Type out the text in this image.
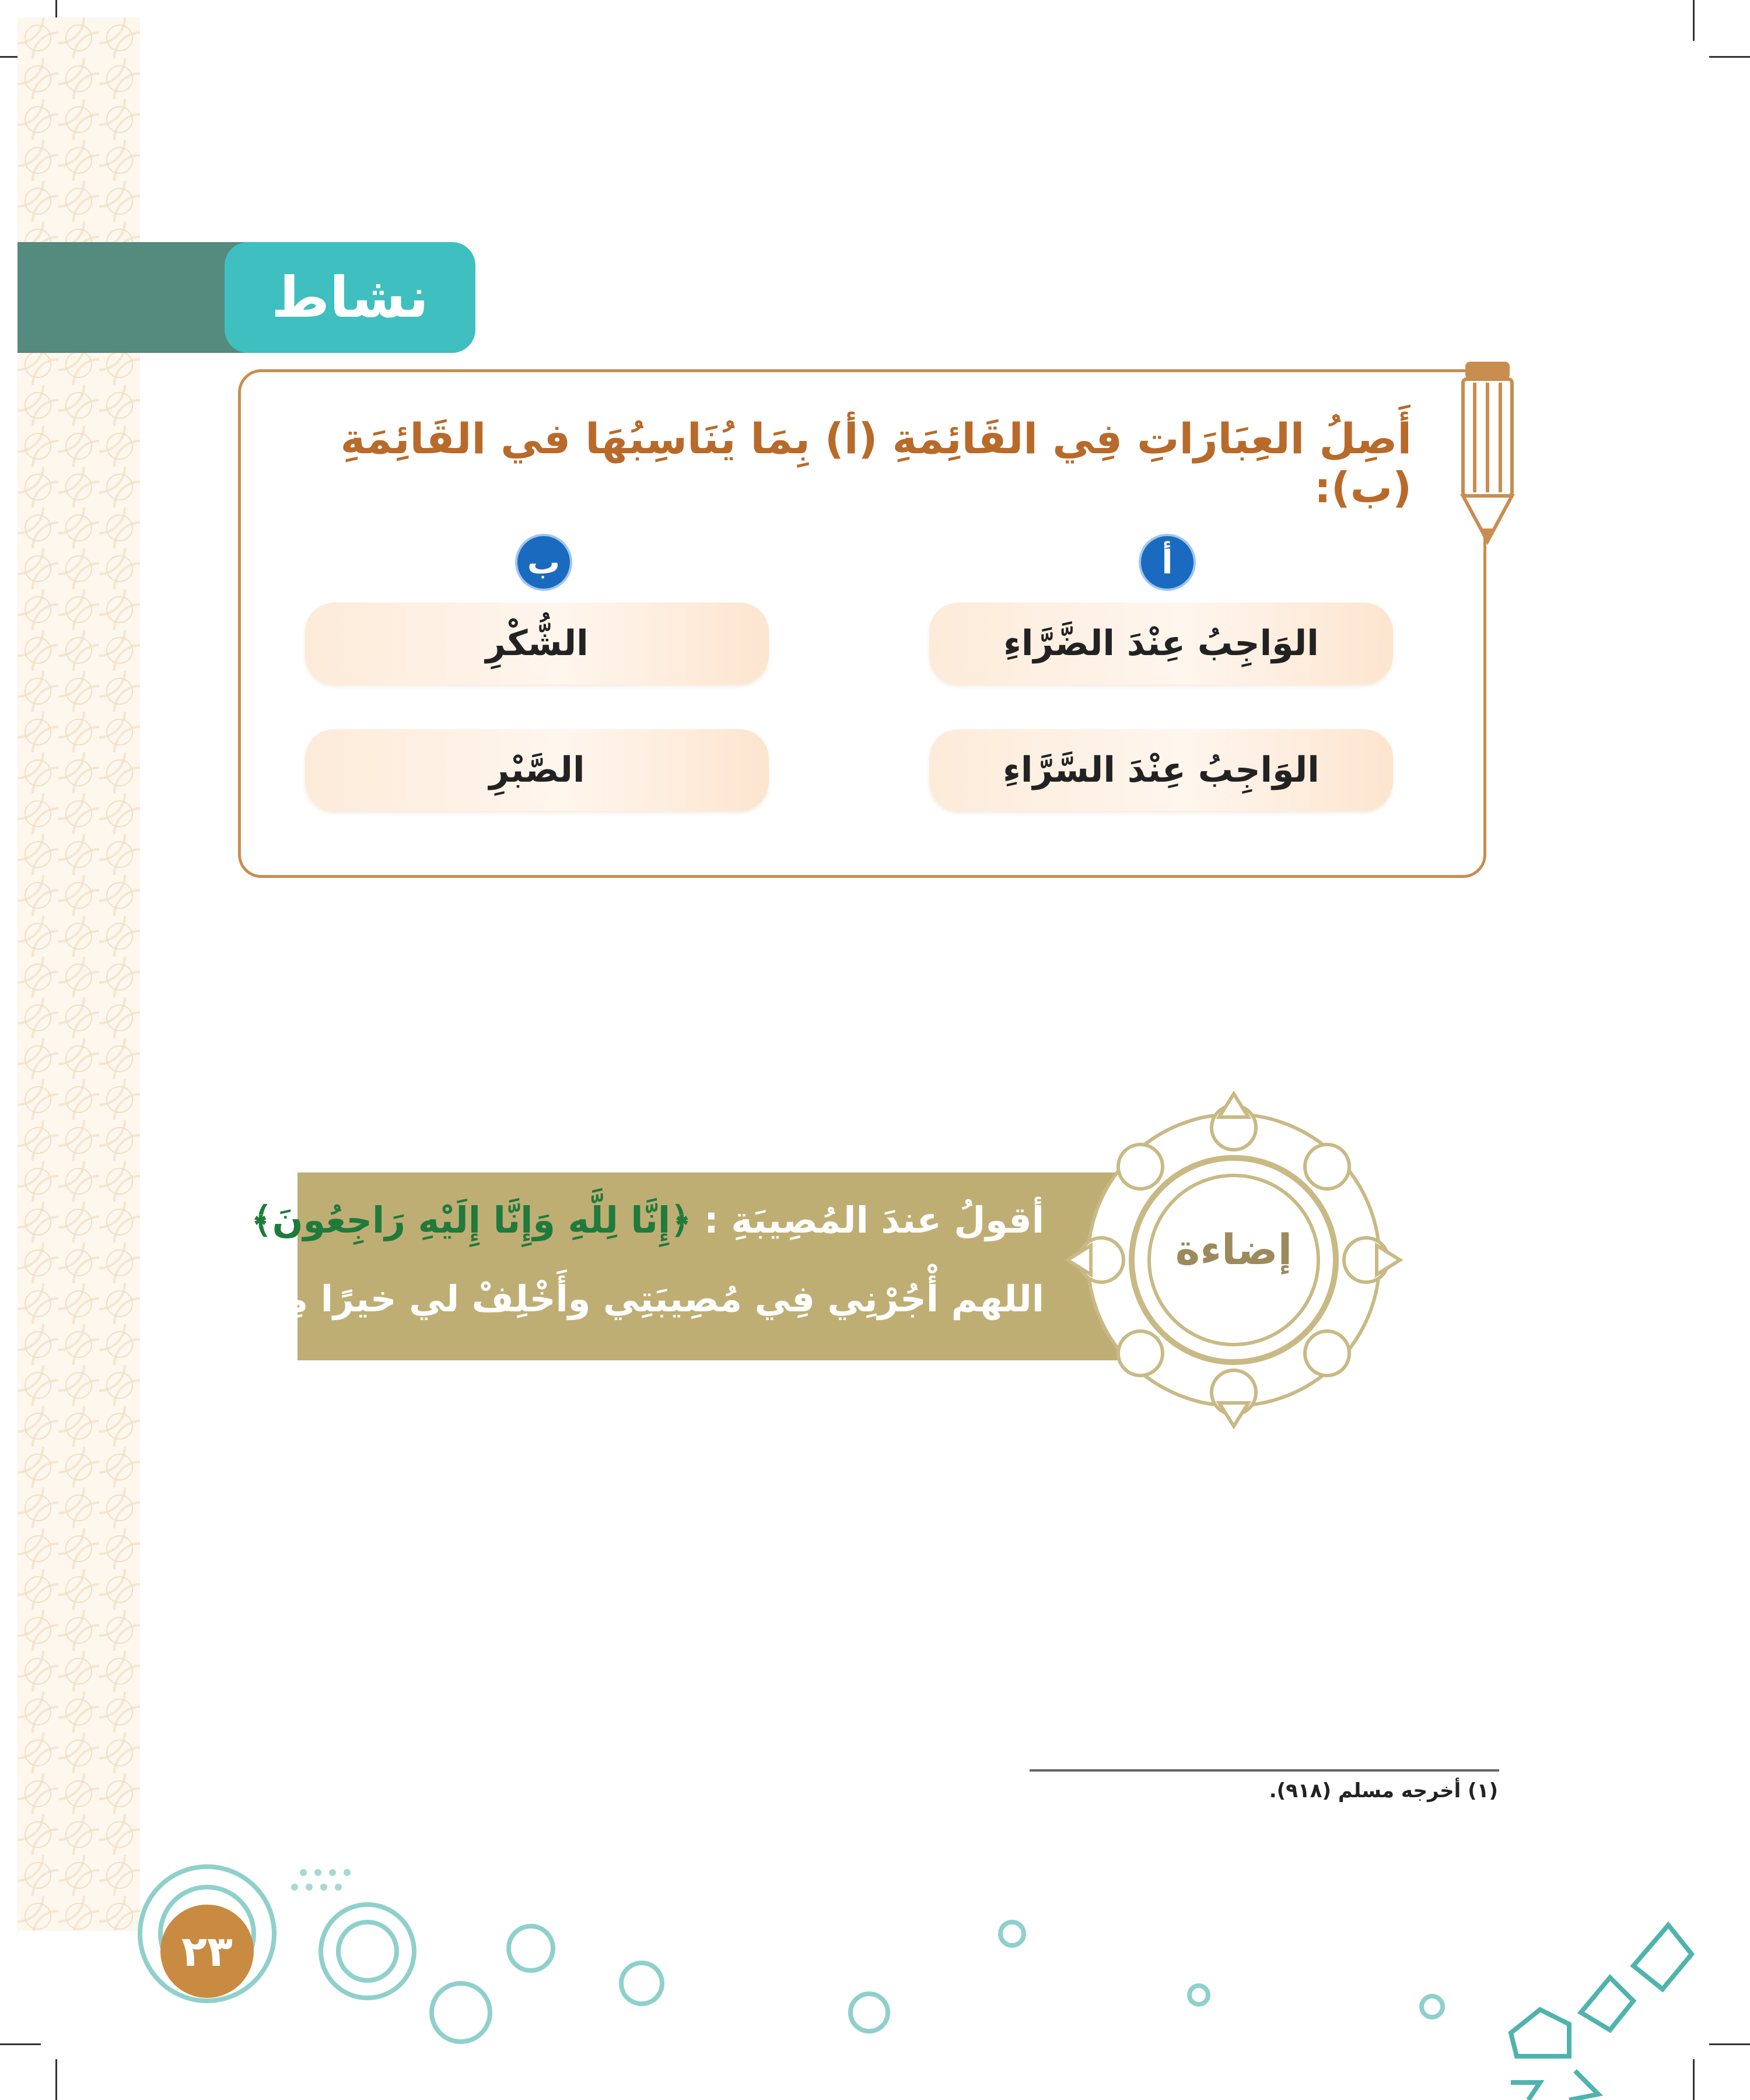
نشاط
أَصِلُ العِبَارَاتِ فِي القَائِمَةِ (أ) بِمَا يُنَاسِبُهَا في القَائِمَةِ (ب):
أ
ب
الوَاجِبُ عِنْدَ الضَّرَّاءِ
الوَاجِبُ عِنْدَ السَّرَّاءِ
الشُّكْرِ
الصَّبْرِ
أقولُ عندَ المُصِيبَةِ : ﴿إِنَّا لِلَّهِ وَإِنَّا إِلَيْهِ رَاجِعُونَ﴾
اللهم أْجُرْنِي فِي مُصِيبَتِي وأَخْلِفْ لي خيرًا مِنْهَا $^{(١)}$ .
إضاءة
(١) أخرجه مسلم (٩١٨).
٢٣
